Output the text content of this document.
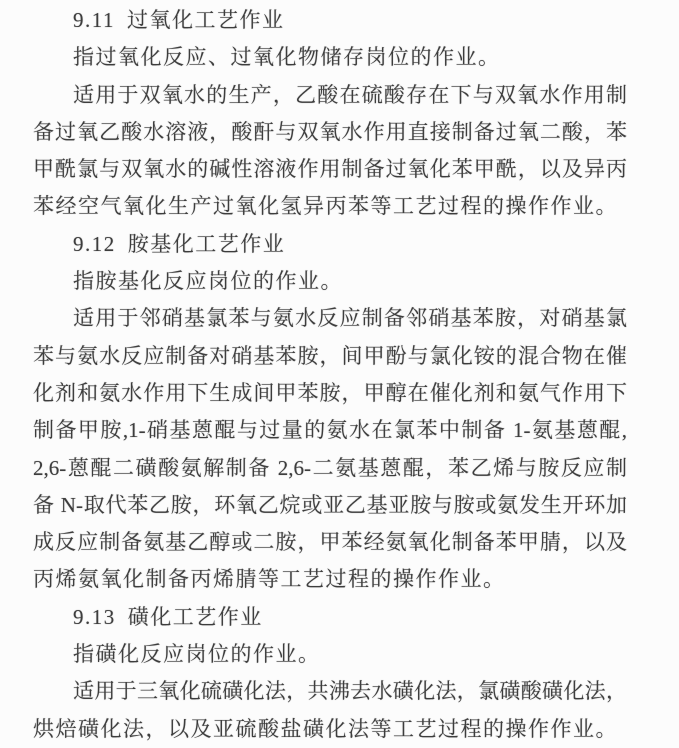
9.11 过氧化工艺作业
指过氧化反应、过氧化物储存岗位的作业。
适用于双氧水的生产，乙酸在硫酸存在下与双氧水作用制
备过氧乙酸水溶液，酸酐与双氧水作用直接制备过氧二酸，苯
甲酰氯与双氧水的碱性溶液作用制备过氧化苯甲酰，以及异丙
苯经空气氧化生产过氧化氢异丙苯等工艺过程的操作作业。
9.12 胺基化工艺作业
指胺基化反应岗位的作业。
适用于邻硝基氯苯与氨水反应制备邻硝基苯胺，对硝基氯
苯与氨水反应制备对硝基苯胺，间甲酚与氯化铵的混合物在催
化剂和氨水作用下生成间甲苯胺，甲醇在催化剂和氨气作用下
制备甲胺,1-硝基蒽醌与过量的氨水在氯苯中制备 1-氨基蒽醌,
2,6-蒽醌二磺酸氨解制备 2,6-二氨基蒽醌，苯乙烯与胺反应制
备 N-取代苯乙胺，环氧乙烷或亚乙基亚胺与胺或氨发生开环加
成反应制备氨基乙醇或二胺，甲苯经氨氧化制备苯甲腈，以及
丙烯氨氧化制备丙烯腈等工艺过程的操作作业。
9.13 磺化工艺作业
指磺化反应岗位的作业。
适用于三氧化硫磺化法，共沸去水磺化法，氯磺酸磺化法，
烘焙磺化法，以及亚硫酸盐磺化法等工艺过程的操作作业。
